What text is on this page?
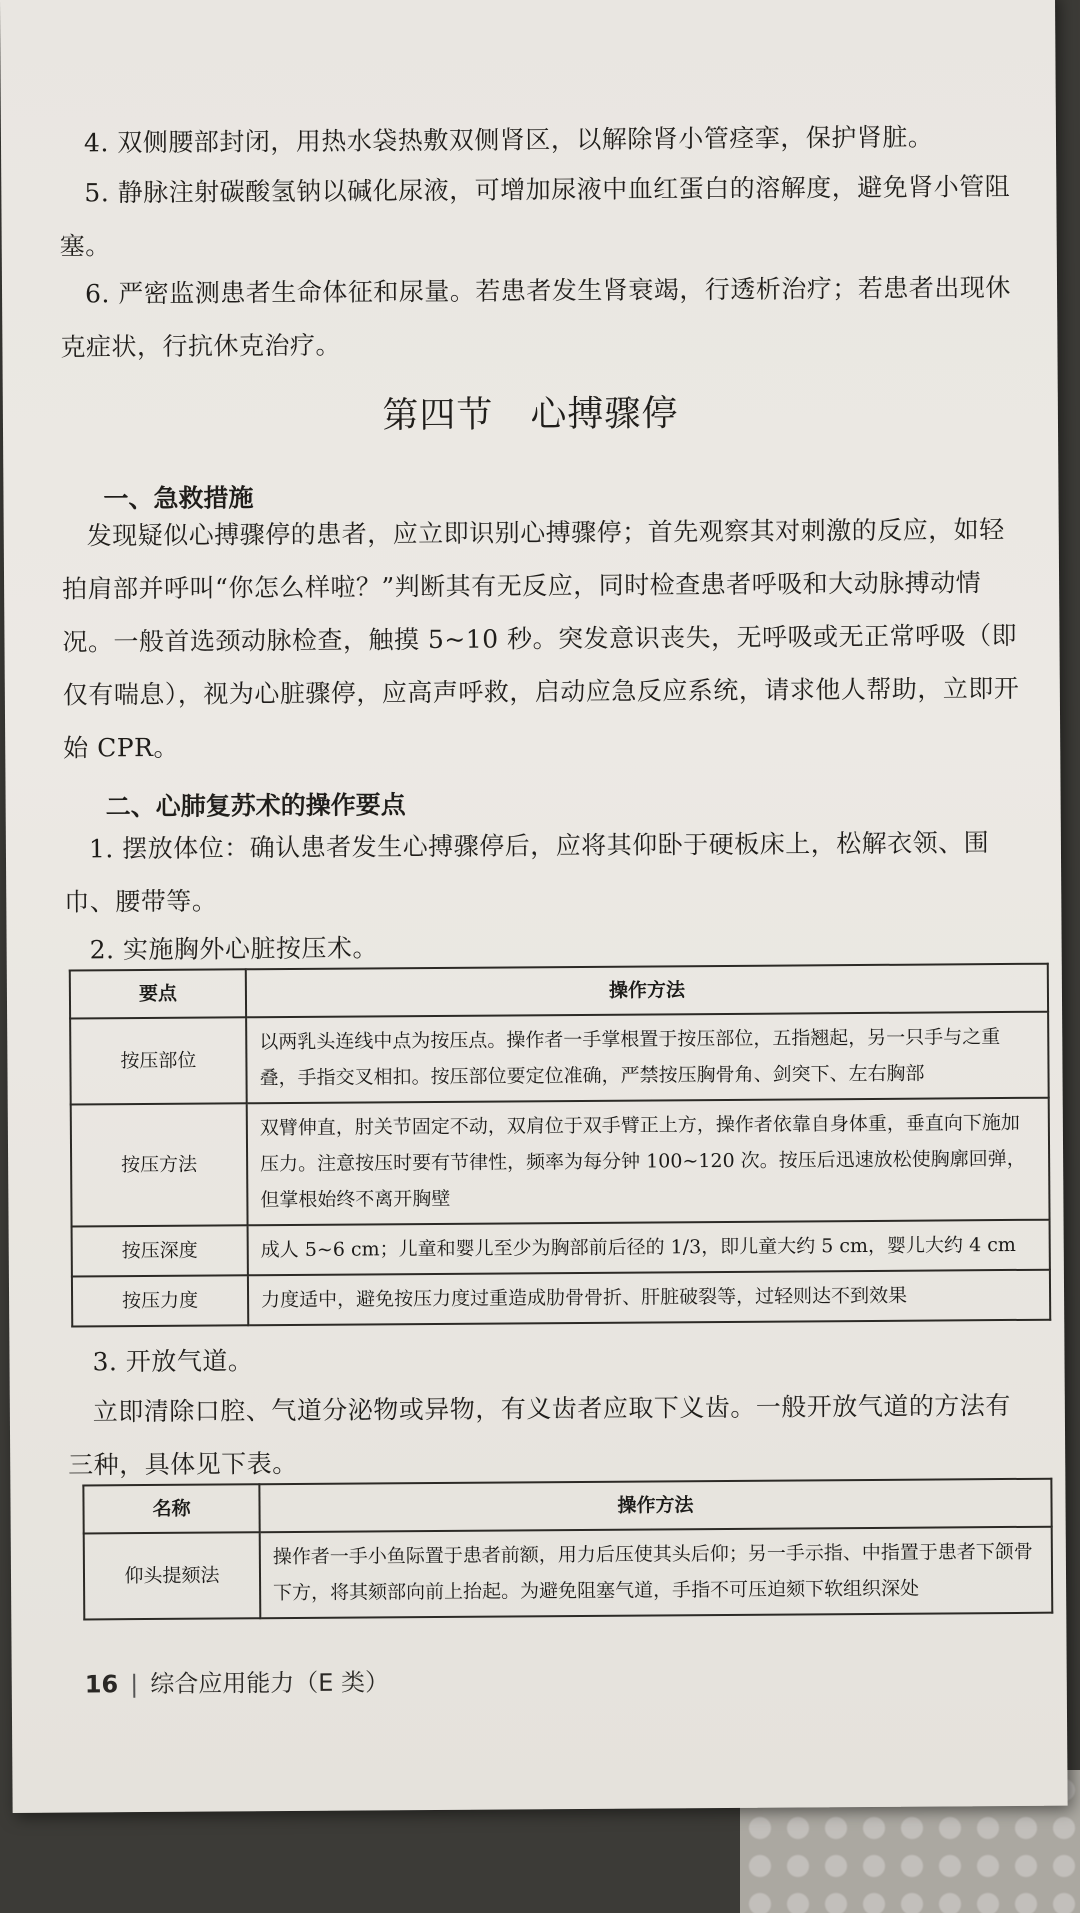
4. 双侧腰部封闭，用热水袋热敷双侧肾区，以解除肾小管痉挛，保护肾脏。
5. 静脉注射碳酸氢钠以碱化尿液，可增加尿液中血红蛋白的溶解度，避免肾小管阻塞。
6. 严密监测患者生命体征和尿量。若患者发生肾衰竭，行透析治疗；若患者出现休克症状，行抗休克治疗。
第四节　心搏骤停
一、急救措施
发现疑似心搏骤停的患者，应立即识别心搏骤停；首先观察其对刺激的反应，如轻拍肩部并呼叫“你怎么样啦？”判断其有无反应，同时检查患者呼吸和大动脉搏动情况。一般首选颈动脉检查，触摸 5~10 秒。突发意识丧失，无呼吸或无正常呼吸（即仅有喘息），视为心脏骤停，应高声呼救，启动应急反应系统，请求他人帮助，立即开始 CPR。
二、心肺复苏术的操作要点
1. 摆放体位：确认患者发生心搏骤停后，应将其仰卧于硬板床上，松解衣领、围巾、腰带等。
2. 实施胸外心脏按压术。
要点	操作方法
按压部位	以两乳头连线中点为按压点。操作者一手掌根置于按压部位，五指翘起，另一只手与之重叠，手指交叉相扣。按压部位要定位准确，严禁按压胸骨角、剑突下、左右胸部
按压方法	双臂伸直，肘关节固定不动，双肩位于双手臂正上方，操作者依靠自身体重，垂直向下施加压力。注意按压时要有节律性，频率为每分钟 100~120 次。按压后迅速放松使胸廓回弹，但掌根始终不离开胸壁
按压深度	成人 5~6 cm；儿童和婴儿至少为胸部前后径的 1/3，即儿童大约 5 cm，婴儿大约 4 cm
按压力度	力度适中，避免按压力度过重造成肋骨骨折、肝脏破裂等，过轻则达不到效果
3. 开放气道。
立即清除口腔、气道分泌物或异物，有义齿者应取下义齿。一般开放气道的方法有三种，具体见下表。
名称	操作方法
仰头提颏法	操作者一手小鱼际置于患者前额，用力后压使其头后仰；另一手示指、中指置于患者下颌骨下方，将其颏部向前上抬起。为避免阻塞气道，手指不可压迫颏下软组织深处
16 | 综合应用能力（E 类）
